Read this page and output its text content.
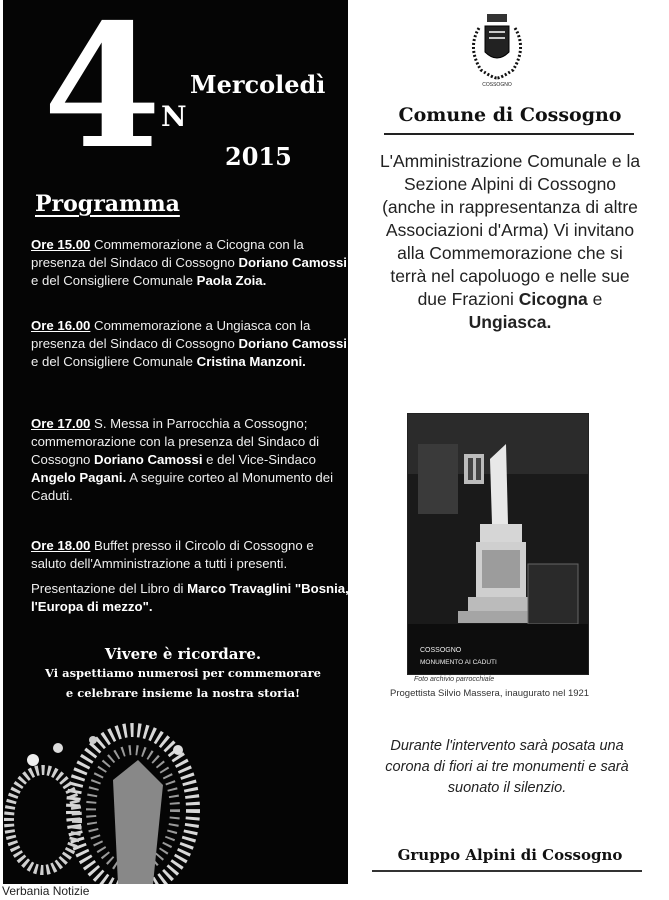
4 N
Mercoledì
2015
Programma
Ore 15.00 Commemorazione a Cicogna con la presenza del Sindaco di Cossogno Doriano Camossi e del Consigliere Comunale Paola Zoia.
Ore 16.00 Commemorazione a Ungiasca con la presenza del Sindaco di Cossogno Doriano Camossi e del Consigliere Comunale Cristina Manzoni.
Ore 17.00 S. Messa in Parrocchia a Cossogno; commemorazione con la presenza del Sindaco di Cossogno Doriano Camossi e del Vice-Sindaco Angelo Pagani. A seguire corteo al Monumento dei Caduti.
Ore 18.00 Buffet presso il Circolo di Cossogno e saluto dell'Amministrazione a tutti i presenti.
Presentazione del Libro di Marco Travaglini "Bosnia, l'Europa di mezzo".
Vivere è ricordare.
Vi aspettiamo numerosi per commemorare
e celebrare insieme la nostra storia!
COSSOGNO
Comune di Cossogno
L'Amministrazione Comunale e la Sezione Alpini di Cossogno (anche in rappresentanza di altre Associazioni d'Arma) Vi invitano alla Commemorazione che si terrà nel capoluogo e nelle sue due Frazioni Cicogna e Ungiasca.
COSSOGNO
MONUMENTO AI CADUTI
Foto archivio parrocchiale
Progettista Silvio Massera, inaugurato nel 1921
Durante l'intervento sarà posata una corona di fiori ai tre monumenti e sarà suonato il silenzio.
Gruppo Alpini di Cossogno
Verbania Notizie
